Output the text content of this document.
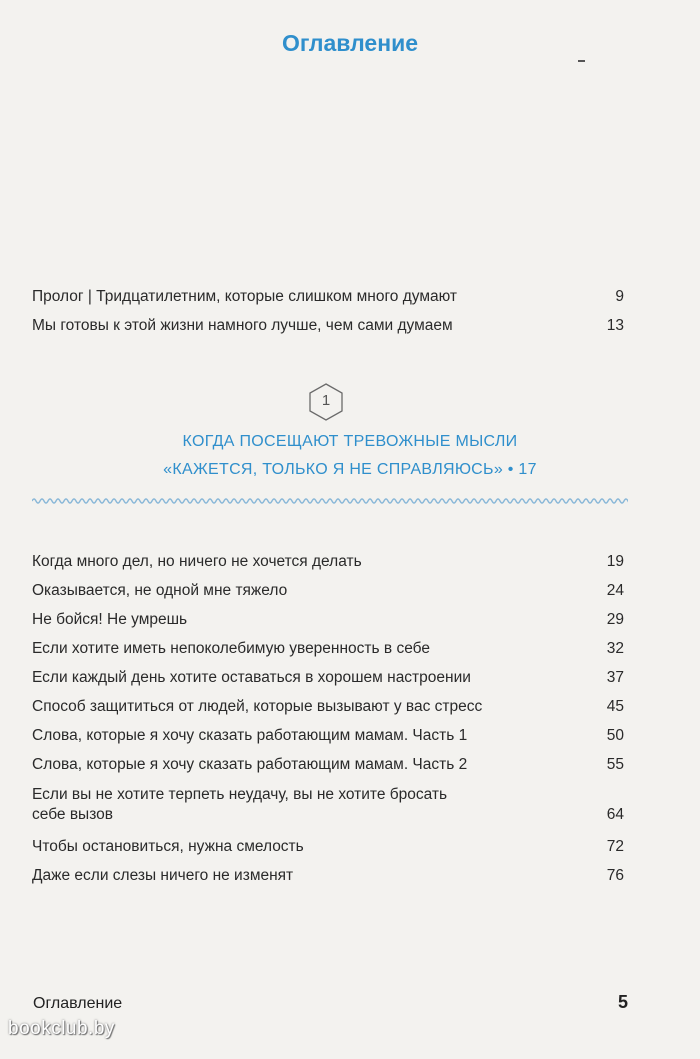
Оглавление
Пролог | Тридцатилетним, которые слишком много думают	9
Мы готовы к этой жизни намного лучше, чем сами думаем	13
1
КОГДА ПОСЕЩАЮТ ТРЕВОЖНЫЕ МЫСЛИ
«КАЖЕТСЯ, ТОЛЬКО Я НЕ СПРАВЛЯЮСЬ» • 17
Когда много дел, но ничего не хочется делать	19
Оказывается, не одной мне тяжело	24
Не бойся! Не умрешь	29
Если хотите иметь непоколебимую уверенность в себе	32
Если каждый день хотите оставаться в хорошем настроении	37
Способ защититься от людей, которые вызывают у вас стресс	45
Слова, которые я хочу сказать работающим мамам. Часть 1	50
Слова, которые я хочу сказать работающим мамам. Часть 2	55
Если вы не хотите терпеть неудачу, вы не хотите бросать
себе вызов	64
Чтобы остановиться, нужна смелость	72
Даже если слезы ничего не изменят	76
Оглавление	5
bookclub.by
